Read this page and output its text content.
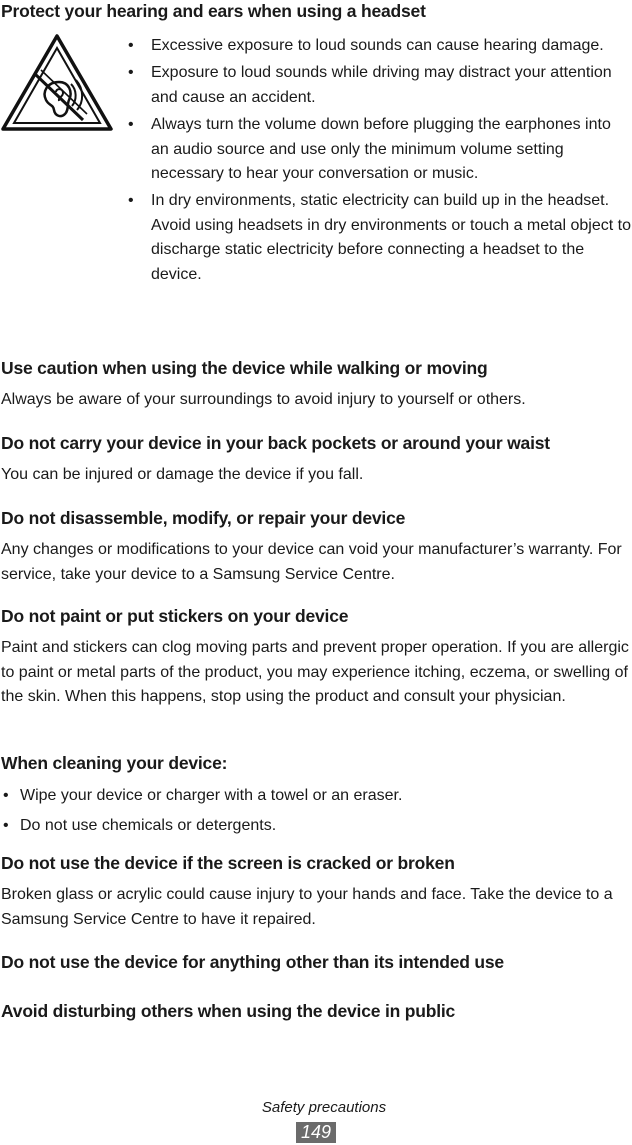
Protect your hearing and ears when using a headset
• Excessive exposure to loud sounds can cause hearing damage.
• Exposure to loud sounds while driving may distract your attention and cause an accident.
• Always turn the volume down before plugging the earphones into an audio source and use only the minimum volume setting necessary to hear your conversation or music.
• In dry environments, static electricity can build up in the headset. Avoid using headsets in dry environments or touch a metal object to discharge static electricity before connecting a headset to the device.
Use caution when using the device while walking or moving

Always be aware of your surroundings to avoid injury to yourself or others.

Do not carry your device in your back pockets or around your waist

You can be injured or damage the device if you fall.

Do not disassemble, modify, or repair your device

Any changes or modifications to your device can void your manufacturer’s warranty. For service, take your device to a Samsung Service Centre.

Do not paint or put stickers on your device

Paint and stickers can clog moving parts and prevent proper operation. If you are allergic to paint or metal parts of the product, you may experience itching, eczema, or swelling of the skin. When this happens, stop using the product and consult your physician.

When cleaning your device:
• Wipe your device or charger with a towel or an eraser.
• Do not use chemicals or detergents.
Do not use the device if the screen is cracked or broken

Broken glass or acrylic could cause injury to your hands and face. Take the device to a Samsung Service Centre to have it repaired.

Do not use the device for anything other than its intended use
Avoid disturbing others when using the device in public
Safety precautions
149
